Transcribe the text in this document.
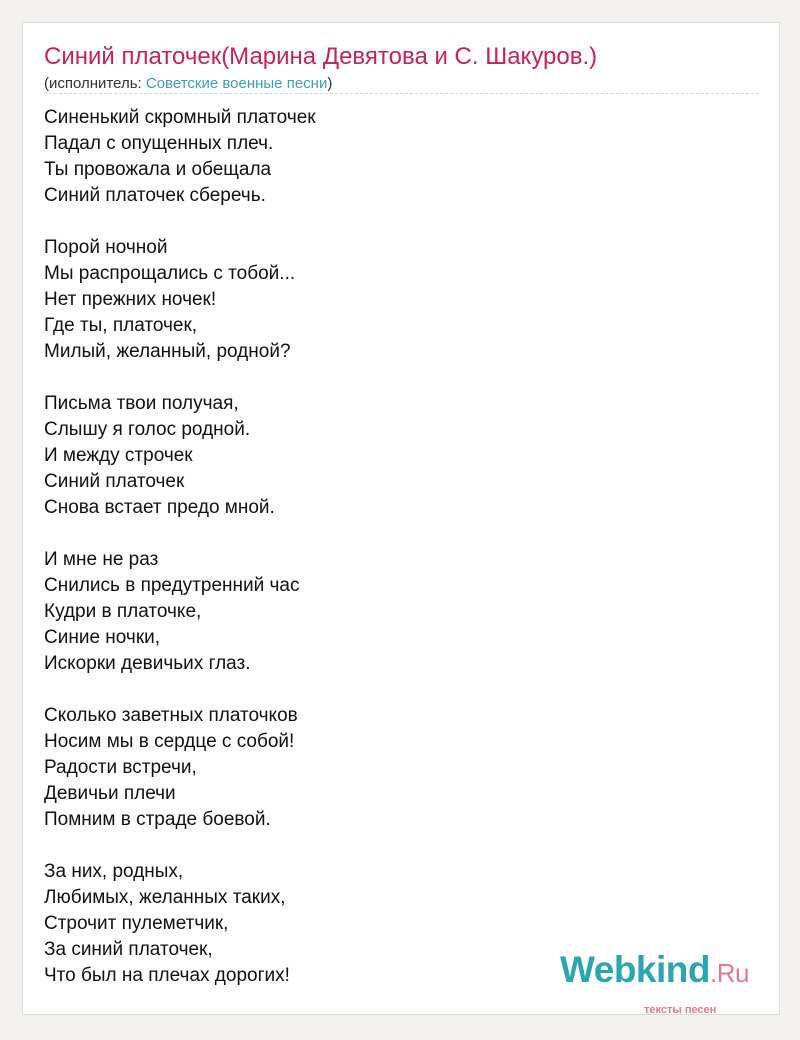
Синий платочек(Марина Девятова и С. Шакуров.)
(исполнитель: Советские военные песни)
Синенький скромный платочек
Падал с опущенных плеч.
Ты провожала и обещала
Синий платочек сберечь.
Порой ночной
Мы распрощались с тобой...
Нет прежних ночек!
Где ты, платочек,
Милый, желанный, родной?
Письма твои получая,
Слышу я голос родной.
И между строчек
Синий платочек
Снова встает предо мной.
И мне не раз
Снились в предутренний час
Кудри в платочке,
Синие ночки,
Искорки девичьих глаз.
Сколько заветных платочков
Носим мы в сердце с собой!
Радости встречи,
Девичьи плечи
Помним в страде боевой.
За них, родных,
Любимых, желанных таких,
Строчит пулеметчик,
За синий платочек,
Что был на плечах дорогих!	Webkind.Ru
тексты песен
